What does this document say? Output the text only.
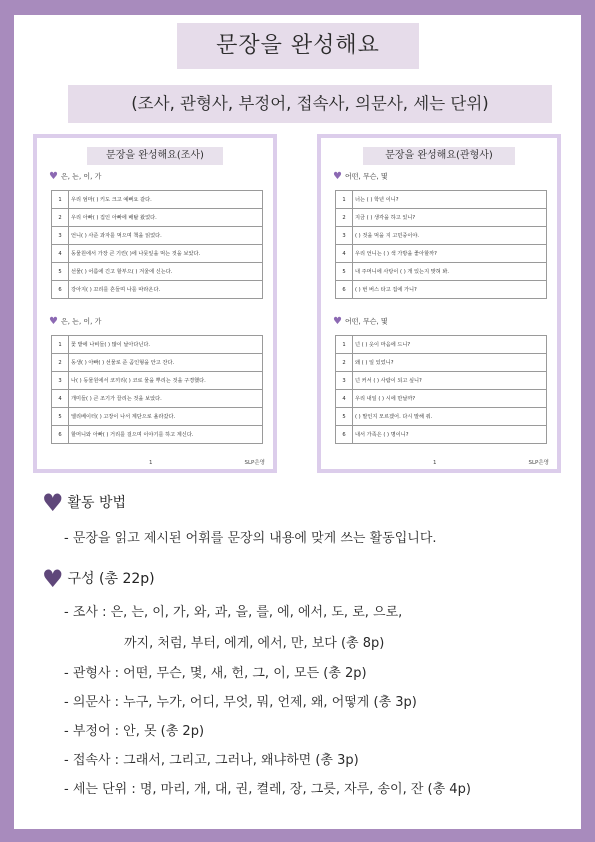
문장을 완성해요
(조사, 관형사, 부정어, 접속사, 의문사, 세는 단위)
문장을 완성해요(조사)
♥ 은, 는, 이, 가
1	우리 엄마( ) 키도 크고 예뻐요 같다.
2	우리 아빠( ) 집인 아빠에 배탈 왔었다.
3	언니( ) 사준 과자를 먹으며 책을 읽었다.
4	동물원에서 가장 큰 기린( )에 나뭇잎을 먹는 것을 보았다.
5	선물( ) 어름에 긴고 할부으( ) 겨울에 신는다.
6	강아지( ) 꼬리를 흔들며 나를 따라온다.
♥ 은, 는, 이, 가
1	꽃 밭에 나비들( ) 많이 날아다닌다.
2	동생( ) 아빠( ) 선물로 준 곰인형을 안고 잔다.
3	나( ) 동물원에서 코끼리( ) 코로 물을 뿌리는 것을 구경했다.
4	개미들( ) 큰 조기가 끌리는 것을 보았다.
5	엘리베이터( ) 고장이 나서 계단으로 올라갔다.
6	할머니와 아빠( ) 거리를 걸으며 이야기를 하고 계신다.
1	SLP은영
문장을 완성해요(관형사)
♥ 어떤, 무슨, 몇
1	너는 ( ) 학년 이니?
2	지금 ( ) 생각을 하고 있니?
3	( ) 것을 먹을 지 고민중이야.
4	우리 언니는 ( ) 색 가방을 좋아할까?
5	내 주머니에 사탕이 ( ) 개 있는지 맞혀 봐.
6	( ) 번 버스 타고 집에 가니?
♥ 어떤, 무슨, 몇
1	넌 ( ) 옷이 마음에 드니?
2	왜 ( ) 일 있었니?
3	넌 커서 ( ) 사람이 되고 싶니?
4	우리 내일 ( ) 시에 만날까?
5	( ) 말인지 모르겠어. 다시 말해 줘.
6	내서 가족은 ( ) 명이니?
1	SLP은영
♥ 활동 방법
- 문장을 읽고 제시된 어휘를 문장의 내용에 맞게 쓰는 활동입니다.
♥ 구성 (총 22p)
- 조사 : 은, 는, 이, 가, 와, 과, 을, 를, 에, 에서, 도, 로, 으로,
까지, 처럼, 부터, 에게, 에서, 만, 보다 (총 8p)
- 관형사 : 어떤, 무슨, 몇, 새, 헌, 그, 이, 모든 (총 2p)
- 의문사 : 누구, 누가, 어디, 무엇, 뭐, 언제, 왜, 어떻게 (총 3p)
- 부정어 : 안, 못 (총 2p)
- 접속사 : 그래서, 그리고, 그러나, 왜냐하면 (총 3p)
- 세는 단위 : 명, 마리, 개, 대, 권, 켤레, 장, 그릇, 자루, 송이, 잔 (총 4p)
